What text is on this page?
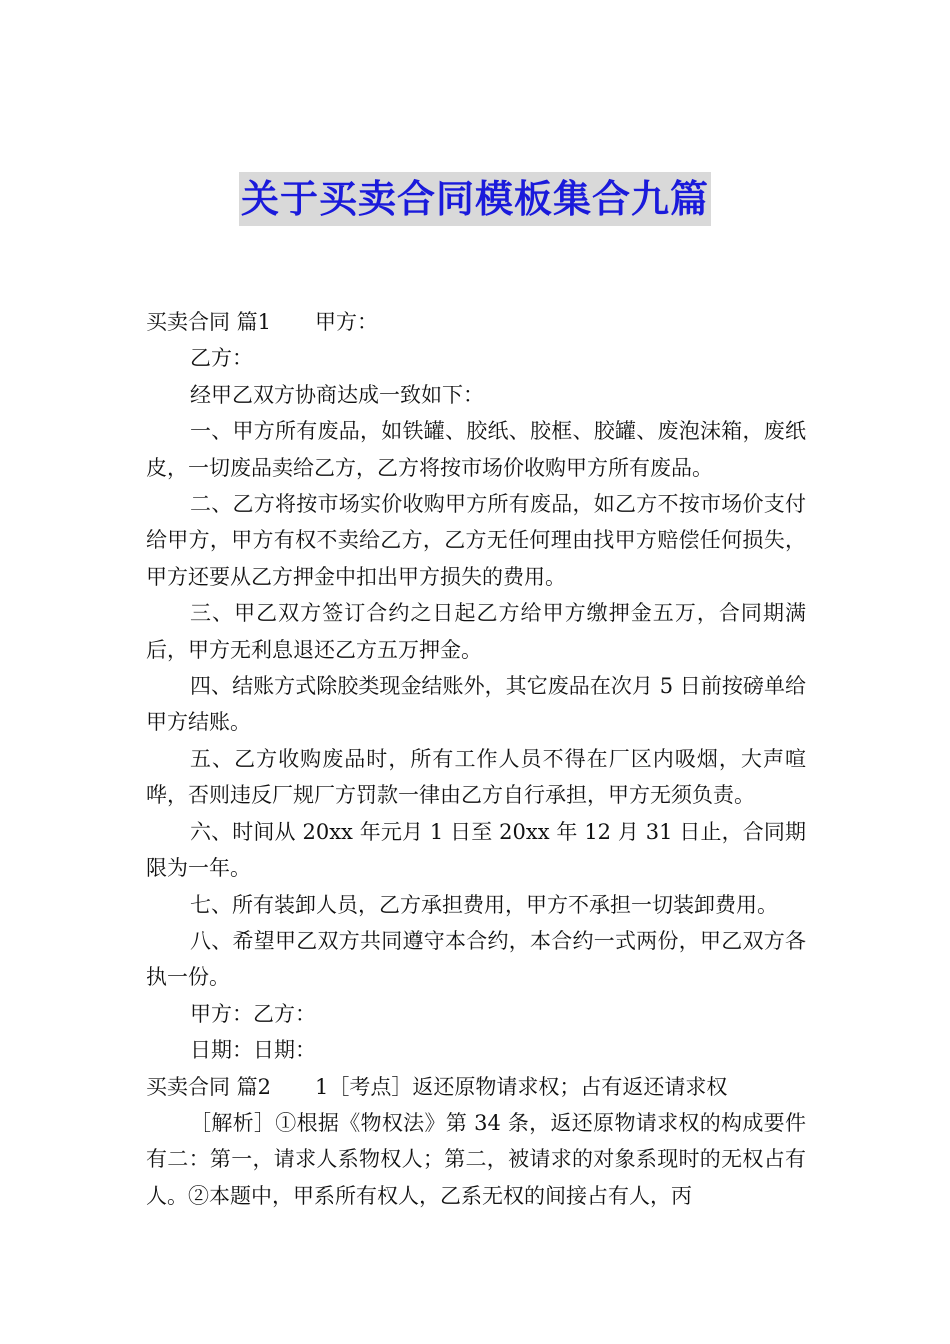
关于买卖合同模板集合九篇

买卖合同 篇1 甲方：

乙方：

经甲乙双方协商达成一致如下：

一、甲方所有废品，如铁罐、胶纸、胶框、胶罐、废泡沫箱，废纸皮，一切废品卖给乙方，乙方将按市场价收购甲方所有废品。

二、乙方将按市场实价收购甲方所有废品，如乙方不按市场价支付给甲方，甲方有权不卖给乙方，乙方无任何理由找甲方赔偿任何损失，甲方还要从乙方押金中扣出甲方损失的费用。

三、甲乙双方签订合约之日起乙方给甲方缴押金五万，合同期满后，甲方无利息退还乙方五万押金。

四、结账方式除胶类现金结账外，其它废品在次月 5 日前按磅单给甲方结账。

五、乙方收购废品时，所有工作人员不得在厂区内吸烟，大声喧哗，否则违反厂规厂方罚款一律由乙方自行承担，甲方无须负责。

六、时间从 20xx 年元月 1 日至 20xx 年 12 月 31 日止，合同期限为一年。

七、所有装卸人员，乙方承担费用，甲方不承担一切装卸费用。

八、希望甲乙双方共同遵守本合约，本合约一式两份，甲乙双方各执一份。

甲方：乙方：

日期：日期：

买卖合同 篇2 1［考点］返还原物请求权；占有返还请求权

［解析］①根据《物权法》第 34 条，返还原物请求权的构成要件有二：第一，请求人系物权人；第二，被请求的对象系现时的无权占有人。②本题中，甲系所有权人，乙系无权的间接占有人，丙
